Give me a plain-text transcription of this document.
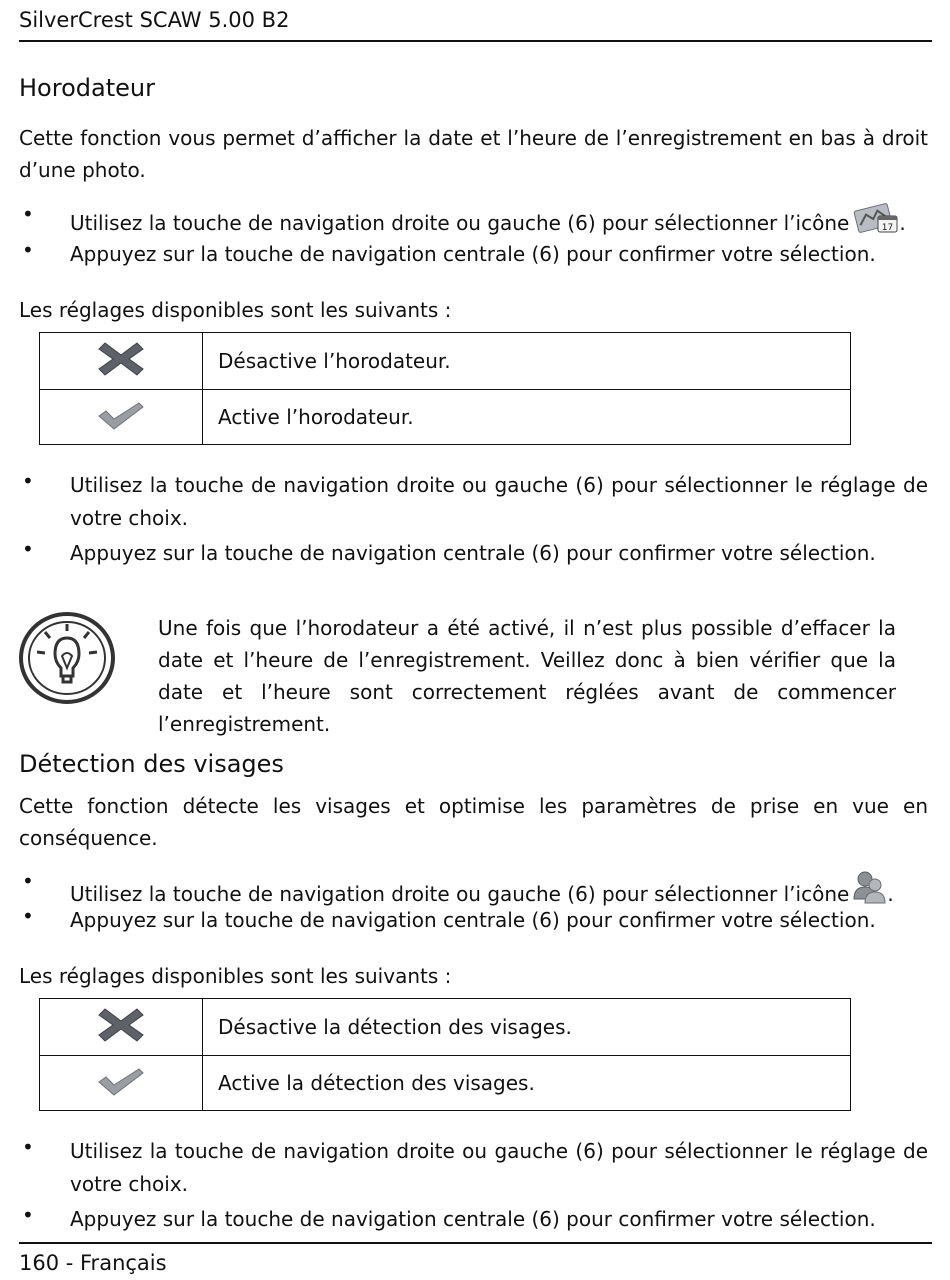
SilverCrest SCAW 5.00 B2
Horodateur
Cette fonction vous permet d’afficher la date et l’heure de l’enregistrement en bas à droit d’une photo.
• Utilisez la touche de navigation droite ou gauche (6) pour sélectionner l’icône	17 .
• Appuyez sur la touche de navigation centrale (6) pour confirmer votre sélection.
Les réglages disponibles sont les suivants :
	Désactive l’horodateur.
	Active l’horodateur.
• Utilisez la touche de navigation droite ou gauche (6) pour sélectionner le réglage de votre choix.
• Appuyez sur la touche de navigation centrale (6) pour confirmer votre sélection.
Une fois que l’horodateur a été activé, il n’est plus possible d’effacer la date et l’heure de l’enregistrement. Veillez donc à bien vérifier que la date et l’heure sont correctement réglées avant de commencer l’enregistrement.
Détection des visages
Cette fonction détecte les visages et optimise les paramètres de prise en vue en conséquence.
•
Utilisez la touche de navigation droite ou gauche (6) pour sélectionner l’icône .
• Appuyez sur la touche de navigation centrale (6) pour confirmer votre sélection.
Les réglages disponibles sont les suivants :
	Désactive la détection des visages.
	Active la détection des visages.
• Utilisez la touche de navigation droite ou gauche (6) pour sélectionner le réglage de votre choix.
• Appuyez sur la touche de navigation centrale (6) pour confirmer votre sélection.
160 - Français
